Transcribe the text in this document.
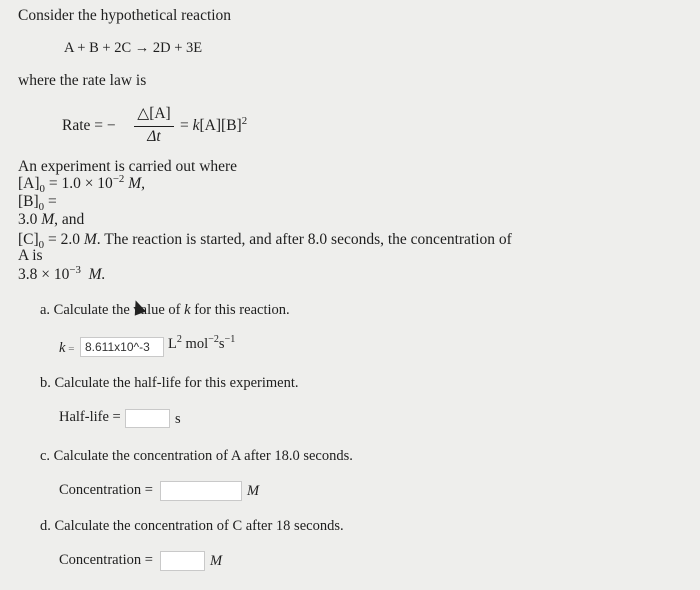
Consider the hypothetical reaction
A + B + 2C → 2D + 3E
where the rate law is
Rate = −
△[A]
Δt
= $k[A][B]^2$
An experiment is carried out where
$[A]_0 = 1.0 \times 10^{-2}$ M,
$[B]_0$ =
3.0 M, and
$[C]_0 = 2.0$ M. The reaction is started, and after 8.0 seconds, the concentration of
A is
$3.8 \times 10^{-3}$ M.
a. Calculate the value of k for this reaction.
k = 8.611x10^-3	$L^2$ $mol^{-2}s^{-1}$
b. Calculate the half-life for this experiment.
Half-life =	s
c. Calculate the concentration of A after 18.0 seconds.
Concentration =	M
d. Calculate the concentration of C after 18 seconds.
Concentration =	M
